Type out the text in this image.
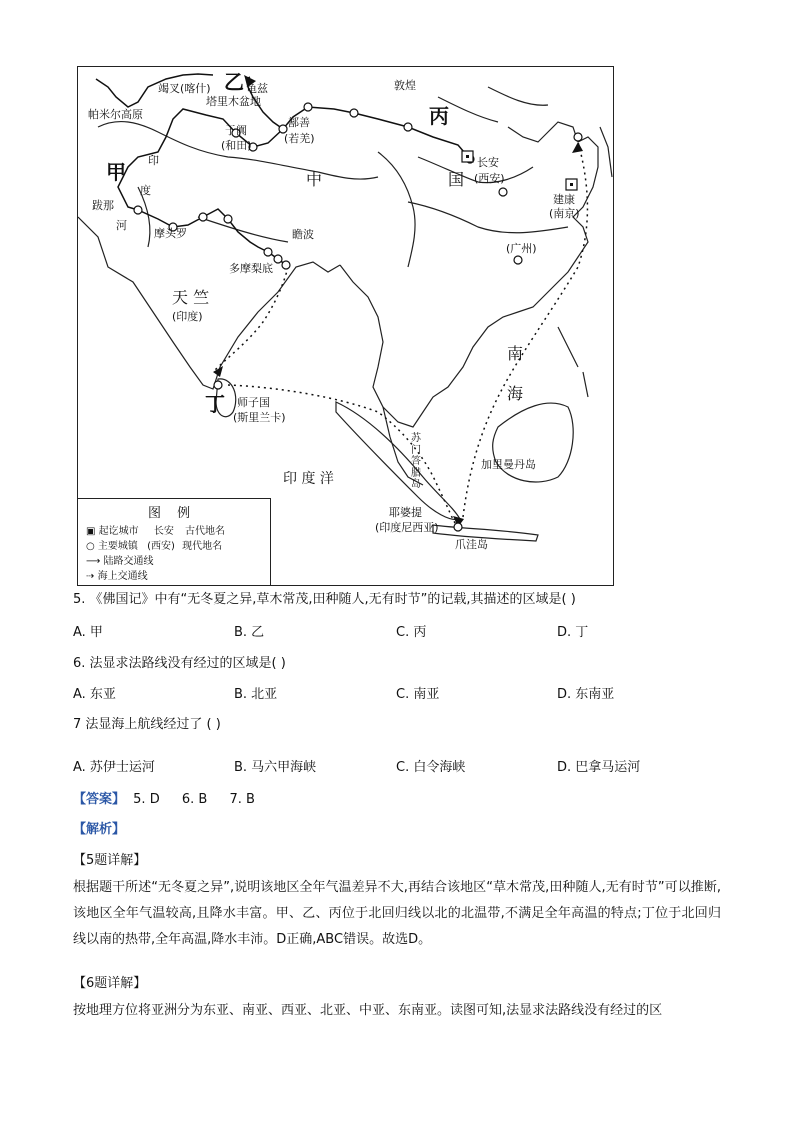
乙
丙
甲
丁
敦煌
鄯善
(若羌)
龟兹
塔里木盆地
竭叉(喀什)
于阗
(和田)
帕米尔高原
长安
(西安)
中	国
建康
(南京)
(广州)
印
度
跋那
河
摩头罗	瞻波
多摩梨底
天 竺
(印度)
师子国
(斯里兰卡)
南
海
加里曼丹岛
苏门答腊岛
印 度 洋
耶婆提
(印度尼西亚)
爪洼岛
图 例
▣ 起讫城市 长安 古代地名
○ 主要城镇 (西安) 现代地名
⟶ 陆路交通线
⇢ 海上交通线
5. 《佛国记》中有“无冬夏之异,草木常茂,田种随人,无有时节”的记载,其描述的区域是( )
A. 甲	B. 乙	C. 丙	D. 丁
6. 法显求法路线没有经过的区域是( )
A. 东亚	B. 北亚	C. 南亚	D. 东南亚
7 法显海上航线经过了 ( )
A. 苏伊士运河	B. 马六甲海峡	C. 白令海峡	D. 巴拿马运河
【答案】 5. D 6. B 7. B
【解析】
【5题详解】
根据题干所述“无冬夏之异”,说明该地区全年气温差异不大,再结合该地区“草木常茂,田种随人,无有时节”可以推断,该地区全年气温较高,且降水丰富。甲、乙、丙位于北回归线以北的北温带,不满足全年高温的特点;丁位于北回归线以南的热带,全年高温,降水丰沛。D正确,ABC错误。故选D。
【6题详解】
按地理方位将亚洲分为东亚、南亚、西亚、北亚、中亚、东南亚。读图可知,法显求法路线没有经过的区
